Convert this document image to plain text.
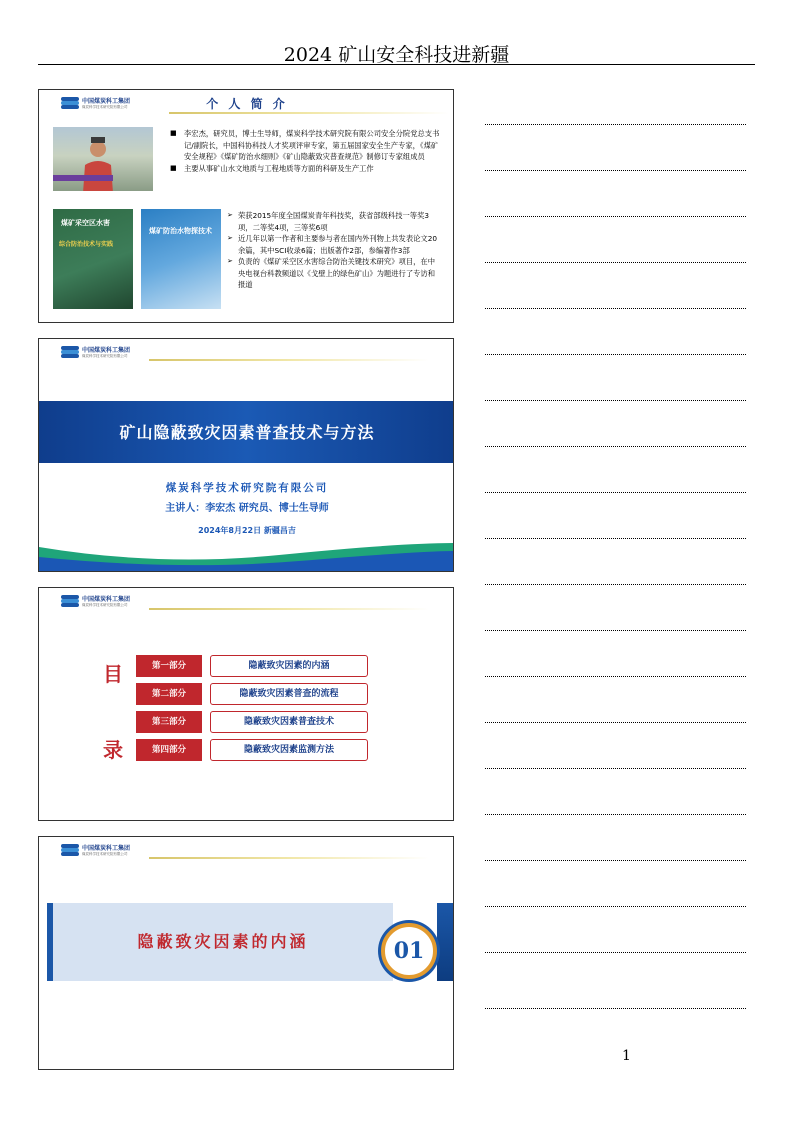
2024 矿山安全科技进新疆
中国煤炭科工集团
煤炭科学技术研究院有限公司	个 人 简 介
■ 李宏杰，研究员，博士生导师，煤炭科学技术研究院有限公司安全分院党总支书记/副院长，中国科协科技人才奖项评审专家，第五届国家安全生产专家，《煤矿安全规程》《煤矿防治水细则》《矿山隐蔽致灾普查规范》制修订专家组成员
■ 主要从事矿山水文地质与工程地质等方面的科研及生产工作
煤矿采空区水害
综合防治技术与实践
煤矿防治水物探技术
➢ 荣获2015年度全国煤炭青年科技奖，获省部级科技一等奖3项，二等奖4项，三等奖6项
➢ 近几年以第一作者和主要参与者在国内外刊物上共发表论文20余篇，其中SCI收录6篇；出版著作2部，参编著作3部
➢ 负责的《煤矿采空区水害综合防治关键技术研究》项目，在中央电视台科教频道以《戈壁上的绿色矿山》为题进行了专访和报道
中国煤炭科工集团
煤炭科学技术研究院有限公司
矿山隐蔽致灾因素普查技术与方法
煤炭科学技术研究院有限公司
主讲人：李宏杰 研究员、博士生导师
2024年8月22日 新疆昌吉
中国煤炭科工集团
煤炭科学技术研究院有限公司
目
录
第一部分	隐蔽致灾因素的内涵
第二部分	隐蔽致灾因素普查的流程
第三部分	隐蔽致灾因素普查技术
第四部分	隐蔽致灾因素监测方法
中国煤炭科工集团
煤炭科学技术研究院有限公司
隐蔽致灾因素的内涵	01
1
